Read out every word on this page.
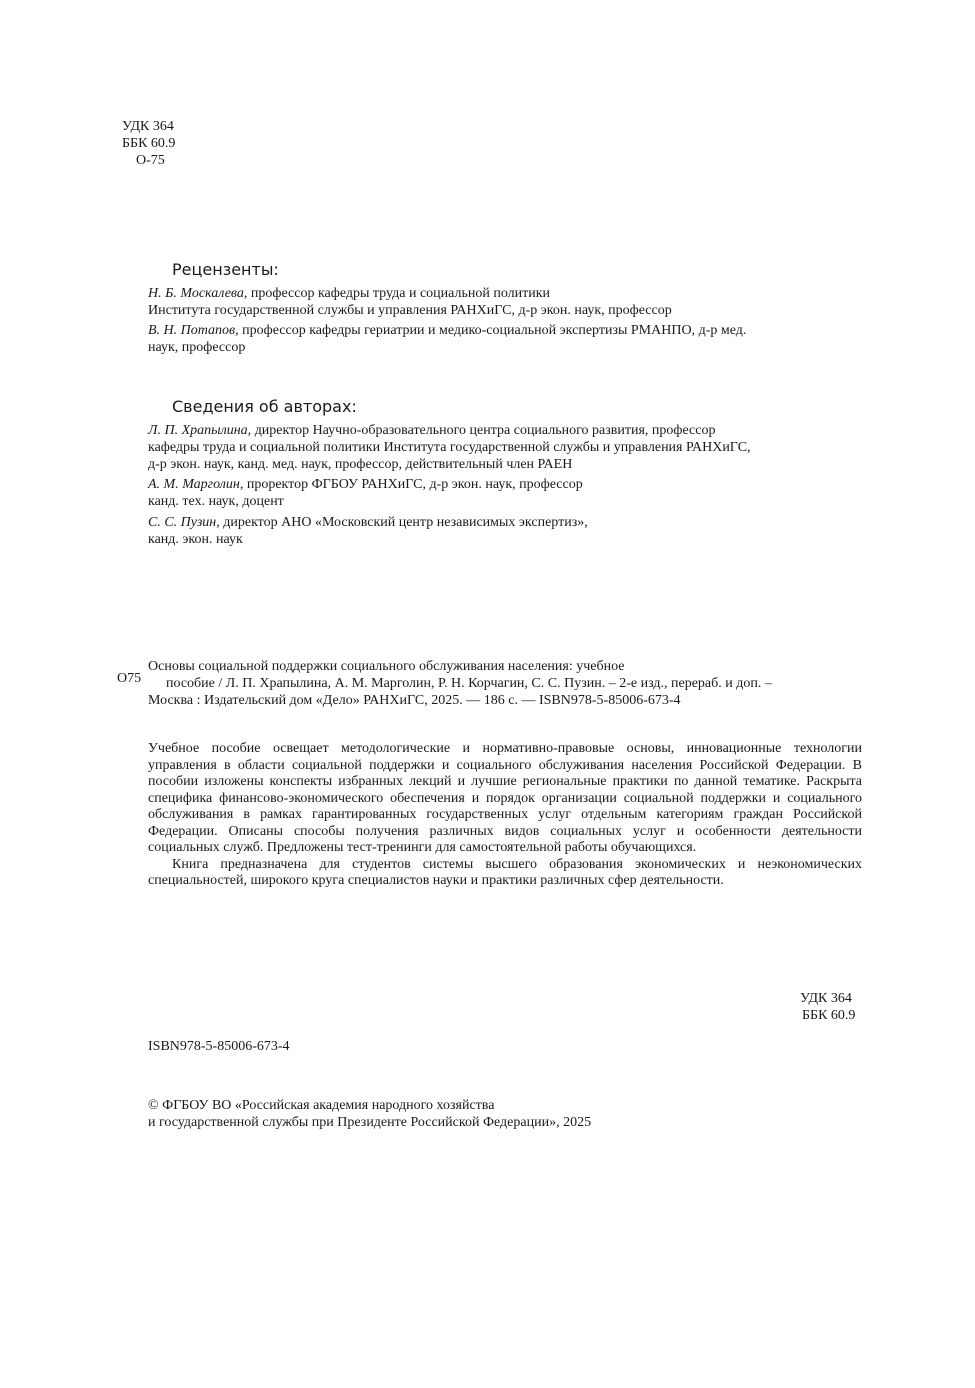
УДК 364
ББК 60.9
О-75
Рецензенты:
Н. Б. Москалева, профессор кафедры труда и социальной политики
Института государственной службы и управления РАНХиГС, д-р экон. наук, профессор
В. Н. Потапов, профессор кафедры гериатрии и медико-социальной экспертизы РМАНПО, д-р мед.
наук, профессор
Сведения об авторах:
Л. П. Храпылина, директор Научно-образовательного центра социального развития, профессор
кафедры труда и социальной политики Института государственной службы и управления РАНХиГС,
д-р экон. наук, канд. мед. наук, профессор, действительный член РАЕН
А. М. Марголин, проректор ФГБОУ РАНХиГС, д-р экон. наук, профессор
канд. тех. наук, доцент
С. С. Пузин, директор АНО «Московский центр независимых экспертиз»,
канд. экон. наук
О75
Основы социальной поддержки социального обслуживания населения: учебное
пособие / Л. П. Храпылина, А. М. Марголин, Р. Н. Корчагин, С. С. Пузин. – 2-е изд., перераб. и доп. –
Москва : Издательский дом «Дело» РАНХиГС, 2025. — 186 с. — ISBN978-5-85006-673-4

Учебное пособие освещает методологические и нормативно-правовые основы, инновационные технологии управления в области социальной поддержки и социального обслуживания населения Российской Федерации. В пособии изложены конспекты избранных лекций и лучшие региональные практики по данной тематике. Раскрыта специфика финансово-экономического обеспечения и порядок организации социальной поддержки и социального обслуживания в рамках гарантированных государственных услуг отдельным категориям граждан Российской Федерации. Описаны способы получения различных видов социальных услуг и особенности деятельности социальных служб. Предложены тест-тренинги для самостоятельной работы обучающихся.

Книга предназначена для студентов системы высшего образования экономических и неэкономических специальностей, широкого круга специалистов науки и практики различных сфер деятельности.

УДК 364
ББК 60.9
ISBN978-5-85006-673-4
© ФГБОУ ВО «Российская академия народного хозяйства
и государственной службы при Президенте Российской Федерации», 2025
